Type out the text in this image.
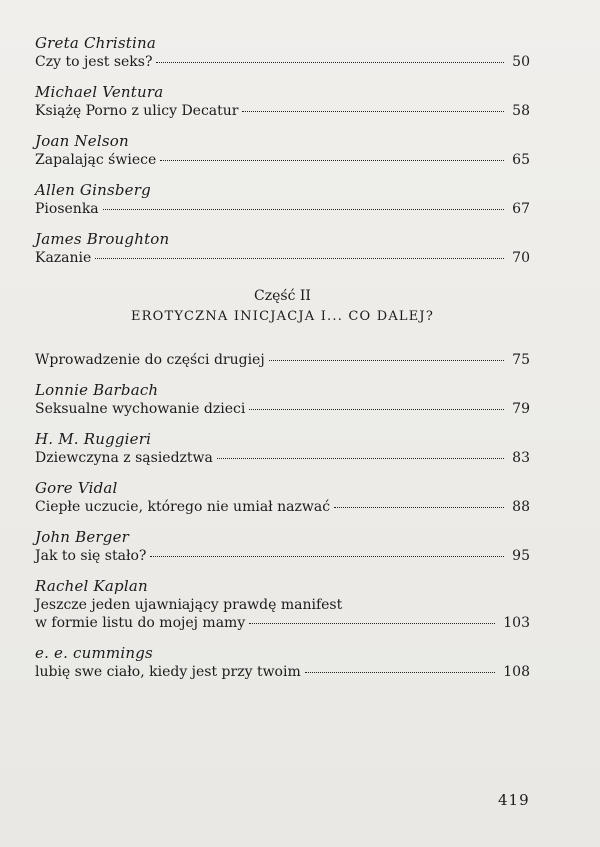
Greta Christina
Czy to jest seks?	50
Michael Ventura
Książę Porno z ulicy Decatur	58
Joan Nelson
Zapalając świece	65
Allen Ginsberg
Piosenka	67
James Broughton
Kazanie	70
Część II
EROTYCZNA INICJACJA I... CO DALEJ?
Wprowadzenie do części drugiej	75
Lonnie Barbach
Seksualne wychowanie dzieci	79
H. M. Ruggieri
Dziewczyna z sąsiedztwa	83
Gore Vidal
Ciepłe uczucie, którego nie umiał nazwać	88
John Berger
Jak to się stało?	95
Rachel Kaplan
Jeszcze jeden ujawniający prawdę manifest
w formie listu do mojej mamy	103
e. e. cummings
lubię swe ciało, kiedy jest przy twoim	108
419
